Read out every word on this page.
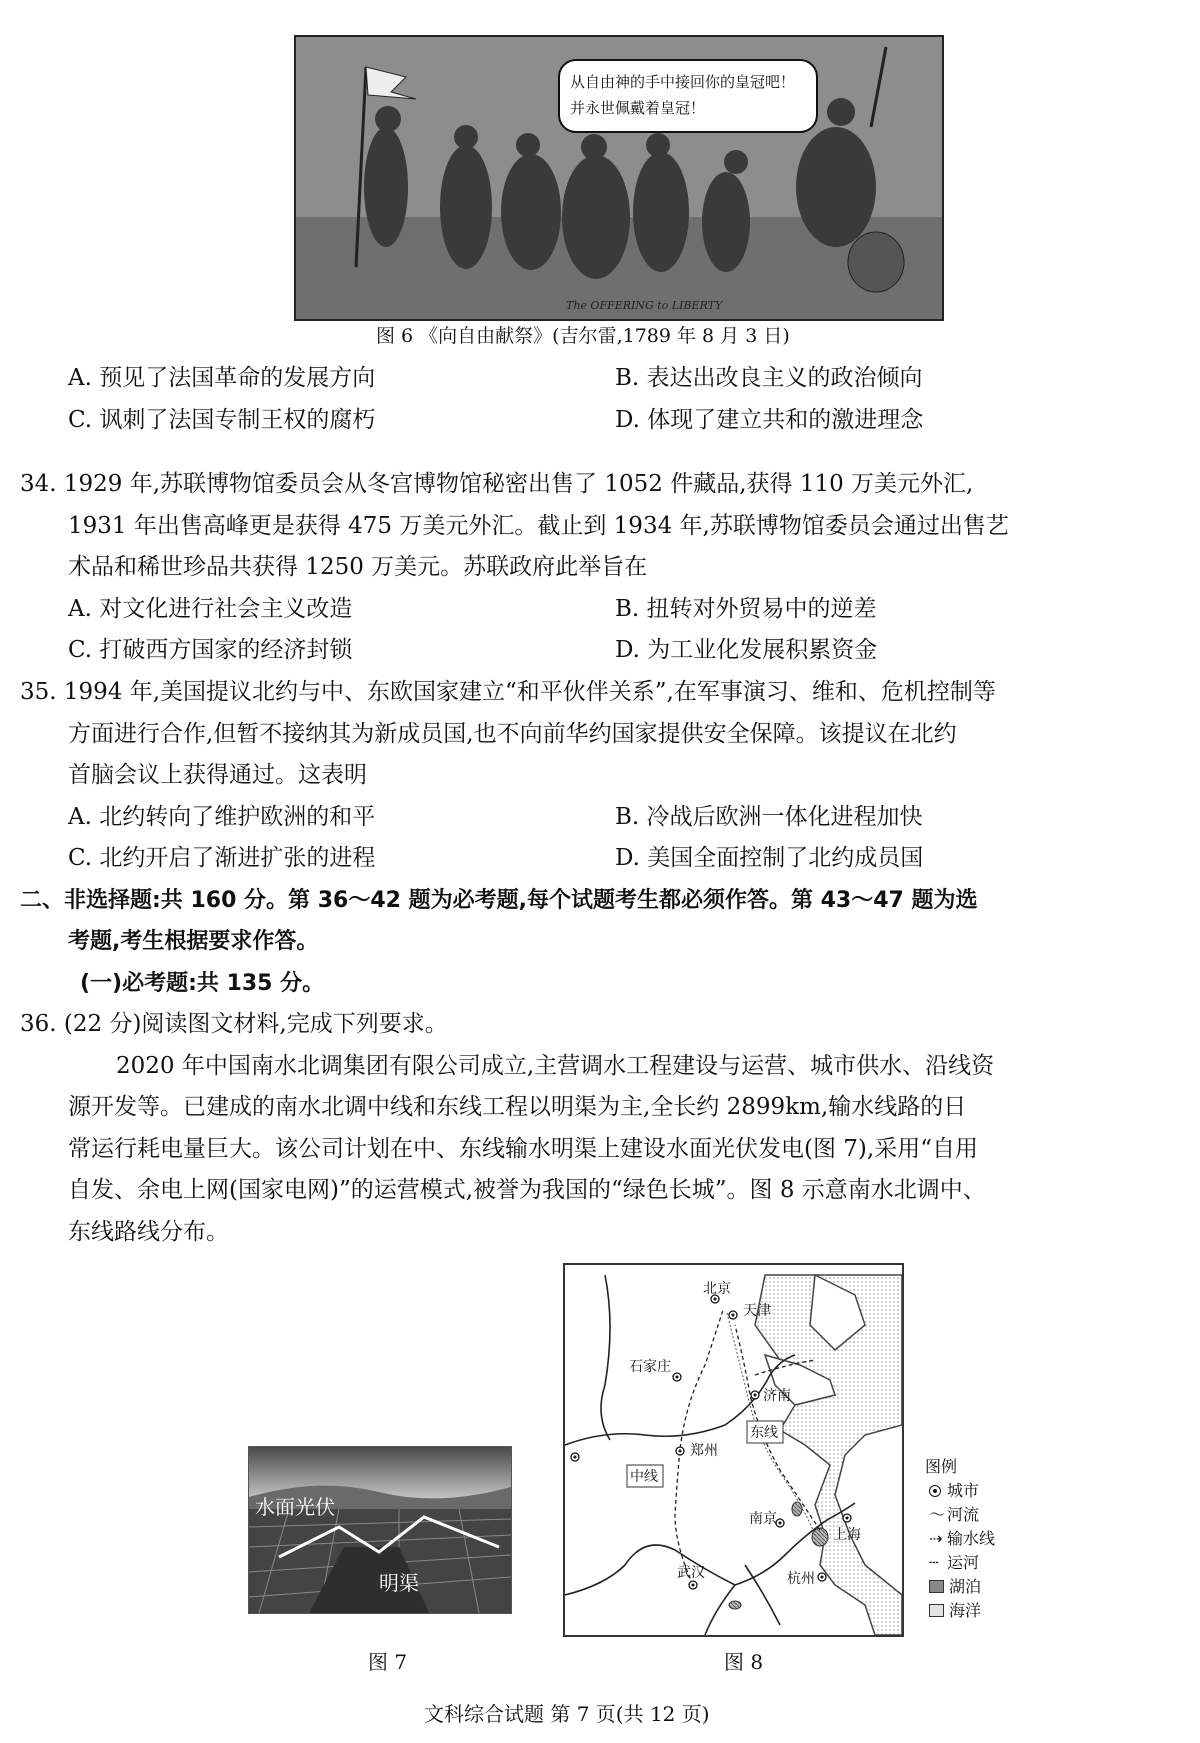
The OFFERING to LIBERTY
从自由神的手中接回你的皇冠吧！并永世佩戴着皇冠！
图 6 《向自由献祭》(吉尔雷,1789 年 8 月 3 日)
A. 预见了法国革命的发展方向	B. 表达出改良主义的政治倾向
C. 讽刺了法国专制王权的腐朽	D. 体现了建立共和的激进理念
34. 1929 年,苏联博物馆委员会从冬宫博物馆秘密出售了 1052 件藏品,获得 110 万美元外汇,
1931 年出售高峰更是获得 475 万美元外汇。截止到 1934 年,苏联博物馆委员会通过出售艺
术品和稀世珍品共获得 1250 万美元。苏联政府此举旨在
A. 对文化进行社会主义改造	B. 扭转对外贸易中的逆差
C. 打破西方国家的经济封锁	D. 为工业化发展积累资金
35. 1994 年,美国提议北约与中、东欧国家建立“和平伙伴关系”,在军事演习、维和、危机控制等
方面进行合作,但暂不接纳其为新成员国,也不向前华约国家提供安全保障。该提议在北约
首脑会议上获得通过。这表明
A. 北约转向了维护欧洲的和平	B. 冷战后欧洲一体化进程加快
C. 北约开启了渐进扩张的进程	D. 美国全面控制了北约成员国
二、非选择题:共 160 分。第 36～42 题为必考题,每个试题考生都必须作答。第 43～47 题为选
考题,考生根据要求作答。
(一)必考题:共 135 分。
36. (22 分)阅读图文材料,完成下列要求。
2020 年中国南水北调集团有限公司成立,主营调水工程建设与运营、城市供水、沿线资
源开发等。已建成的南水北调中线和东线工程以明渠为主,全长约 2899km,输水线路的日
常运行耗电量巨大。该公司计划在中、东线输水明渠上建设水面光伏发电(图 7),采用“自用
自发、余电上网(国家电网)”的运营模式,被誉为我国的“绿色长城”。图 8 示意南水北调中、
东线路线分布。
水面光伏
明渠
图 7
北京
天津
石家庄
济南
郑州
南京
武汉	杭州
上海
东线
中线
图 8
图例
城市
〜 河流
⇢ 输水线
┄ 运河
湖泊
海洋
文科综合试题 第 7 页(共 12 页)
